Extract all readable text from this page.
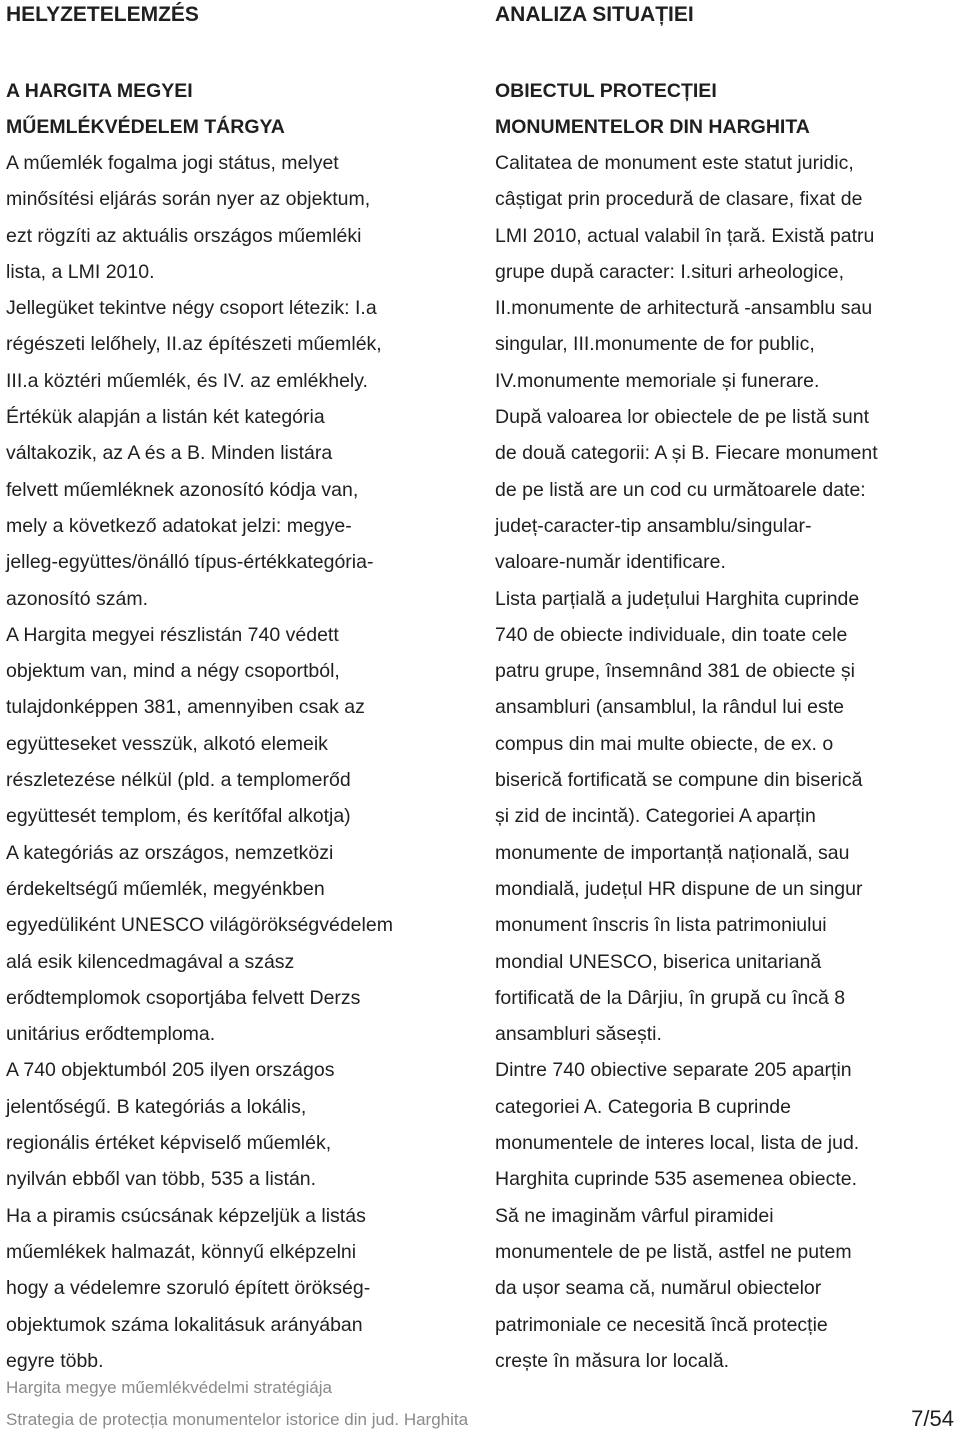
HELYZETELEMZÉS
A HARGITA MEGYEI
MŰEMLÉKVÉDELEM TÁRGYA
A műemlék fogalma jogi státus, melyet
minősítési eljárás során nyer az objektum,
ezt rögzíti az aktuális országos műemléki
lista, a LMI 2010.
Jellegüket tekintve négy csoport létezik: I.a
régészeti lelőhely, II.az építészeti műemlék,
III.a köztéri műemlék, és IV. az emlékhely.
Értékük alapján a listán két kategória
váltakozik, az A és a B. Minden listára
felvett műemléknek azonosító kódja van,
mely a következő adatokat jelzi: megye-
jelleg-együttes/önálló típus-értékkategória-
azonosító szám.
A Hargita megyei részlistán 740 védett
objektum van, mind a négy csoportból,
tulajdonképpen 381, amennyiben csak az
együtteseket vesszük, alkotó elemeik
részletezése nélkül (pld. a templomerőd
együttesét templom, és kerítőfal alkotja)
A kategóriás az országos, nemzetközi
érdekeltségű műemlék, megyénkben
egyedüliként UNESCO világörökségvédelem
alá esik kilencedmagával a szász
erődtemplomok csoportjába felvett Derzs
unitárius erődtemploma.
A 740 objektumból 205 ilyen országos
jelentőségű. B kategóriás a lokális,
regionális értéket képviselő műemlék,
nyilván ebből van több, 535 a listán.
Ha a piramis csúcsának képzeljük a listás
műemlékek halmazát, könnyű elképzelni
hogy a védelemre szoruló épített örökség-
objektumok száma lokalitásuk arányában
egyre több.
ANALIZA SITUAȚIEI
OBIECTUL PROTECȚIEI
MONUMENTELOR DIN HARGHITA
Calitatea de monument este statut juridic,
câștigat prin procedură de clasare, fixat de
LMI 2010, actual valabil în țară. Există patru
grupe după caracter: I.situri arheologice,
II.monumente de arhitectură -ansamblu sau
singular, III.monumente de for public,
IV.monumente memoriale și funerare.
După valoarea lor obiectele de pe listă sunt
de două categorii: A și B. Fiecare monument
de pe listă are un cod cu următoarele date:
județ-caracter-tip ansamblu/singular-
valoare-număr identificare.
Lista parțială a județului Harghita cuprinde
740 de obiecte individuale, din toate cele
patru grupe, însemnând 381 de obiecte și
ansambluri (ansamblul, la rândul lui este
compus din mai multe obiecte, de ex. o
biserică fortificată se compune din biserică
și zid de incintă). Categoriei A aparțin
monumente de importanță națională, sau
mondială, județul HR dispune de un singur
monument înscris în lista patrimoniului
mondial UNESCO, biserica unitariană
fortificată de la Dârjiu, în grupă cu încă 8
ansambluri săsești.
Dintre 740 obiective separate 205 aparțin
categoriei A. Categoria B cuprinde
monumentele de interes local, lista de jud.
Harghita cuprinde 535 asemenea obiecte.
Să ne imaginăm vârful piramidei
monumentele de pe listă, astfel ne putem
da ușor seama că, numărul obiectelor
patrimoniale ce necesită încă protecție
crește în măsura lor locală.
Hargita megye műemlékvédelmi stratégiája
Strategia de protecția monumentelor istorice din jud. Harghita	7/54
